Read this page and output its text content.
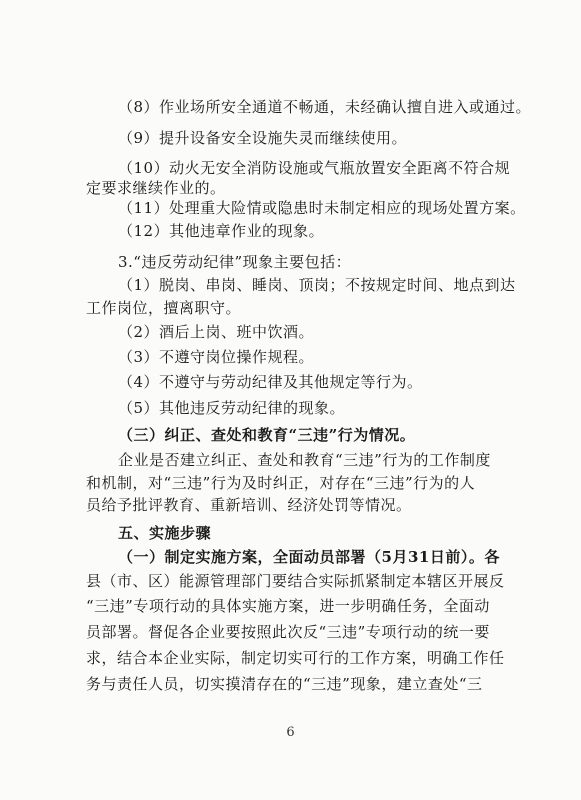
（8）作业场所安全通道不畅通，未经确认擅自进入或通过。
（9）提升设备安全设施失灵而继续使用。
（10）动火无安全消防设施或气瓶放置安全距离不符合规
定要求继续作业的。
（11）处理重大险情或隐患时未制定相应的现场处置方案。
（12）其他违章作业的现象。
3.“违反劳动纪律”现象主要包括：
（1）脱岗、串岗、睡岗、顶岗；不按规定时间、地点到达
工作岗位，擅离职守。
（2）酒后上岗、班中饮酒。
（3）不遵守岗位操作规程。
（4）不遵守与劳动纪律及其他规定等行为。
（5）其他违反劳动纪律的现象。
（三）纠正、查处和教育“三违”行为情况。
企业是否建立纠正、查处和教育“三违”行为的工作制度
和机制，对“三违”行为及时纠正，对存在“三违”行为的人
员给予批评教育、重新培训、经济处罚等情况。
五、实施步骤
（一）制定实施方案，全面动员部署（5月31日前）。各
县（市、区）能源管理部门要结合实际抓紧制定本辖区开展反
“三违”专项行动的具体实施方案，进一步明确任务，全面动
员部署。督促各企业要按照此次反“三违”专项行动的统一要
求，结合本企业实际，制定切实可行的工作方案，明确工作任
务与责任人员，切实摸清存在的“三违”现象，建立查处“三
6
